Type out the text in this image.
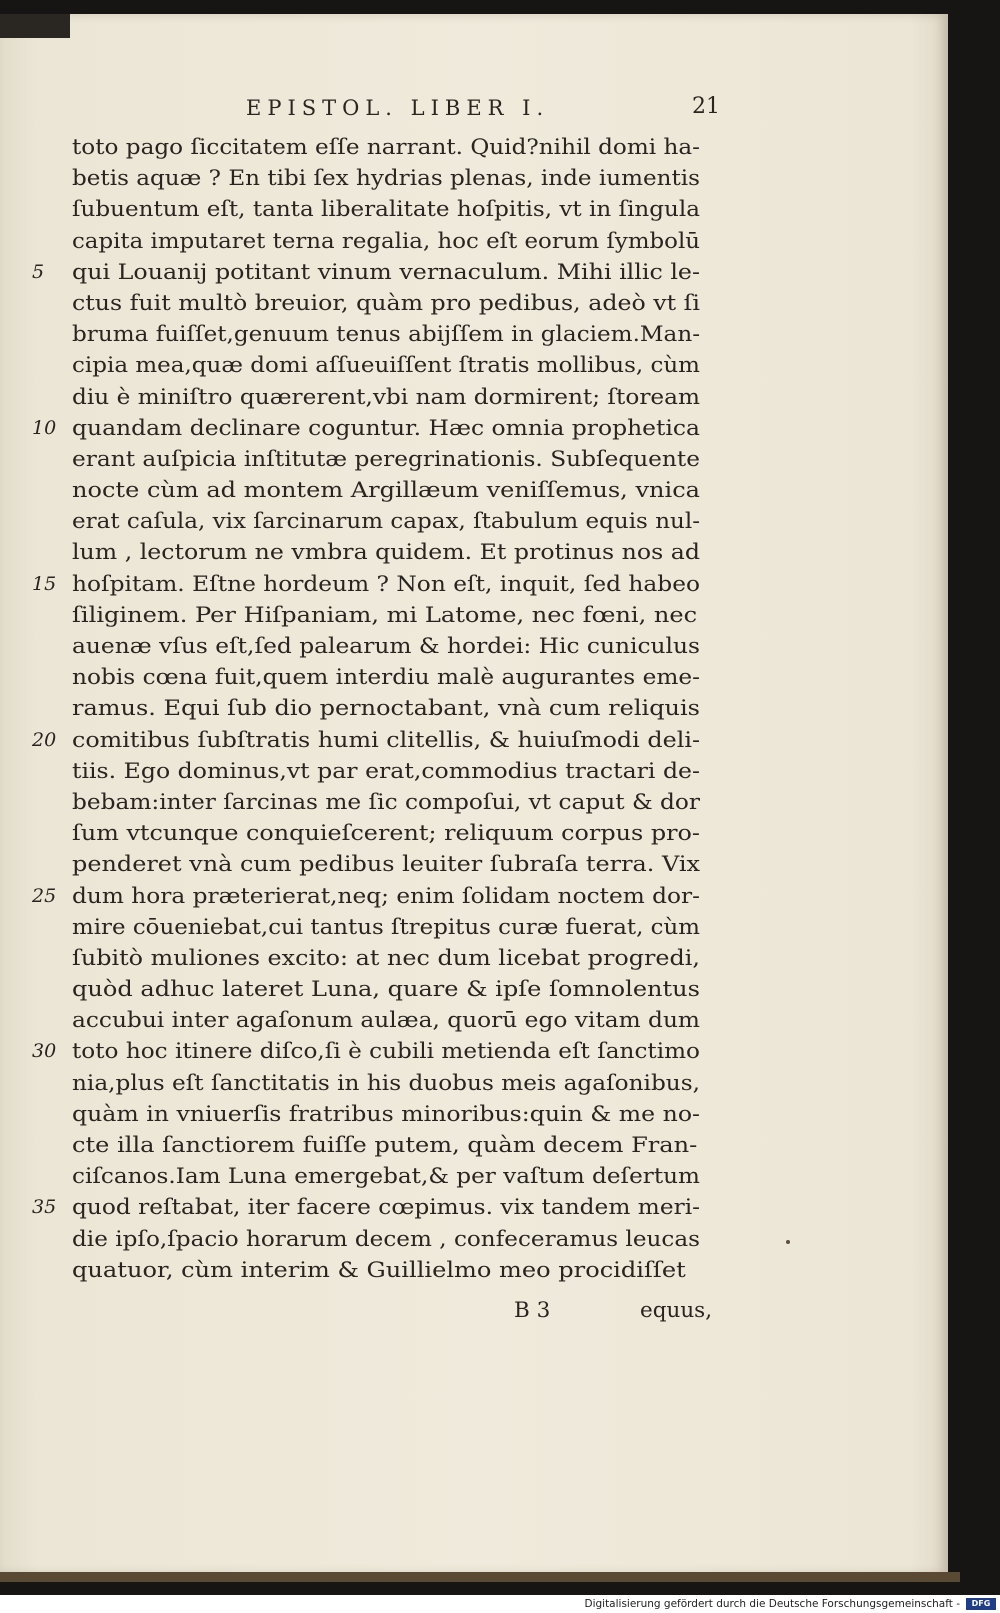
EPISTOL. LIBER I.	21
toto pago ſiccitatem eſſe narrant. Quid?nihil domi ha-
betis aquæ ? En tibi ſex hydrias plenas, inde iumentis
ſubuentum eſt, tanta liberalitate hoſpitis, vt in ſingula
capita imputaret terna regalia, hoc eſt eorum ſymbolū
5	qui Louanij potitant vinum vernaculum. Mihi illic le-
ctus fuit multò breuior, quàm pro pedibus, adeò vt ſi
bruma fuiſſet,genuum tenus abijſſem in glaciem.Man-
cipia mea,quæ domi aſſueuiſſent ſtratis mollibus, cùm
diu è miniſtro quærerent,vbi nam dormirent; ſtoream
10 quandam declinare coguntur. Hæc omnia prophetica
erant auſpicia inſtitutæ peregrinationis. Subſequente
nocte cùm ad montem Argillæum veniſſemus, vnica
erat caſula, vix ſarcinarum capax, ſtabulum equis nul-
lum , lectorum ne vmbra quidem. Et protinus nos ad
15 hoſpitam. Eſtne hordeum ? Non eſt, inquit, ſed habeo
ſiliginem. Per Hiſpaniam, mi Latome, nec fœni, nec
auenæ vſus eſt,ſed palearum & hordei: Hic cuniculus
nobis cœna fuit,quem interdiu malè augurantes eme-
ramus. Equi ſub dio pernoctabant, vnà cum reliquis
20 comitibus ſubſtratis humi clitellis, & huiuſmodi deli-
tiis. Ego dominus,vt par erat,commodius tractari de-
bebam:inter ſarcinas me ſic compoſui, vt caput & dor
ſum vtcunque conquieſcerent; reliquum corpus pro-
penderet vnà cum pedibus leuiter ſubraſa terra. Vix
25 dum hora præterierat,neq; enim ſolidam noctem dor-
mire cōueniebat,cui tantus ſtrepitus curæ fuerat, cùm
ſubitò muliones excito: at nec dum licebat progredi,
quòd adhuc lateret Luna, quare & ipſe ſomnolentus
accubui inter agaſonum aulæa, quorū ego vitam dum
30 toto hoc itinere diſco,ſi è cubili metienda eſt ſanctimo
nia,plus eſt ſanctitatis in his duobus meis agaſonibus,
quàm in vniuerſis fratribus minoribus:quin & me no-
cte illa ſanctiorem fuiſſe putem, quàm decem Fran-
ciſcanos.Iam Luna emergebat,& per vaſtum deſertum
35 quod reſtabat, iter facere cœpimus. vix tandem meri-
die ipſo,ſpacio horarum decem , confeceramus leucas
quatuor, cùm interim & Guillielmo meo procidiſſet
B 3	equus,
Digitalisierung gefördert durch die Deutsche Forschungsgemeinschaft -	DFG
